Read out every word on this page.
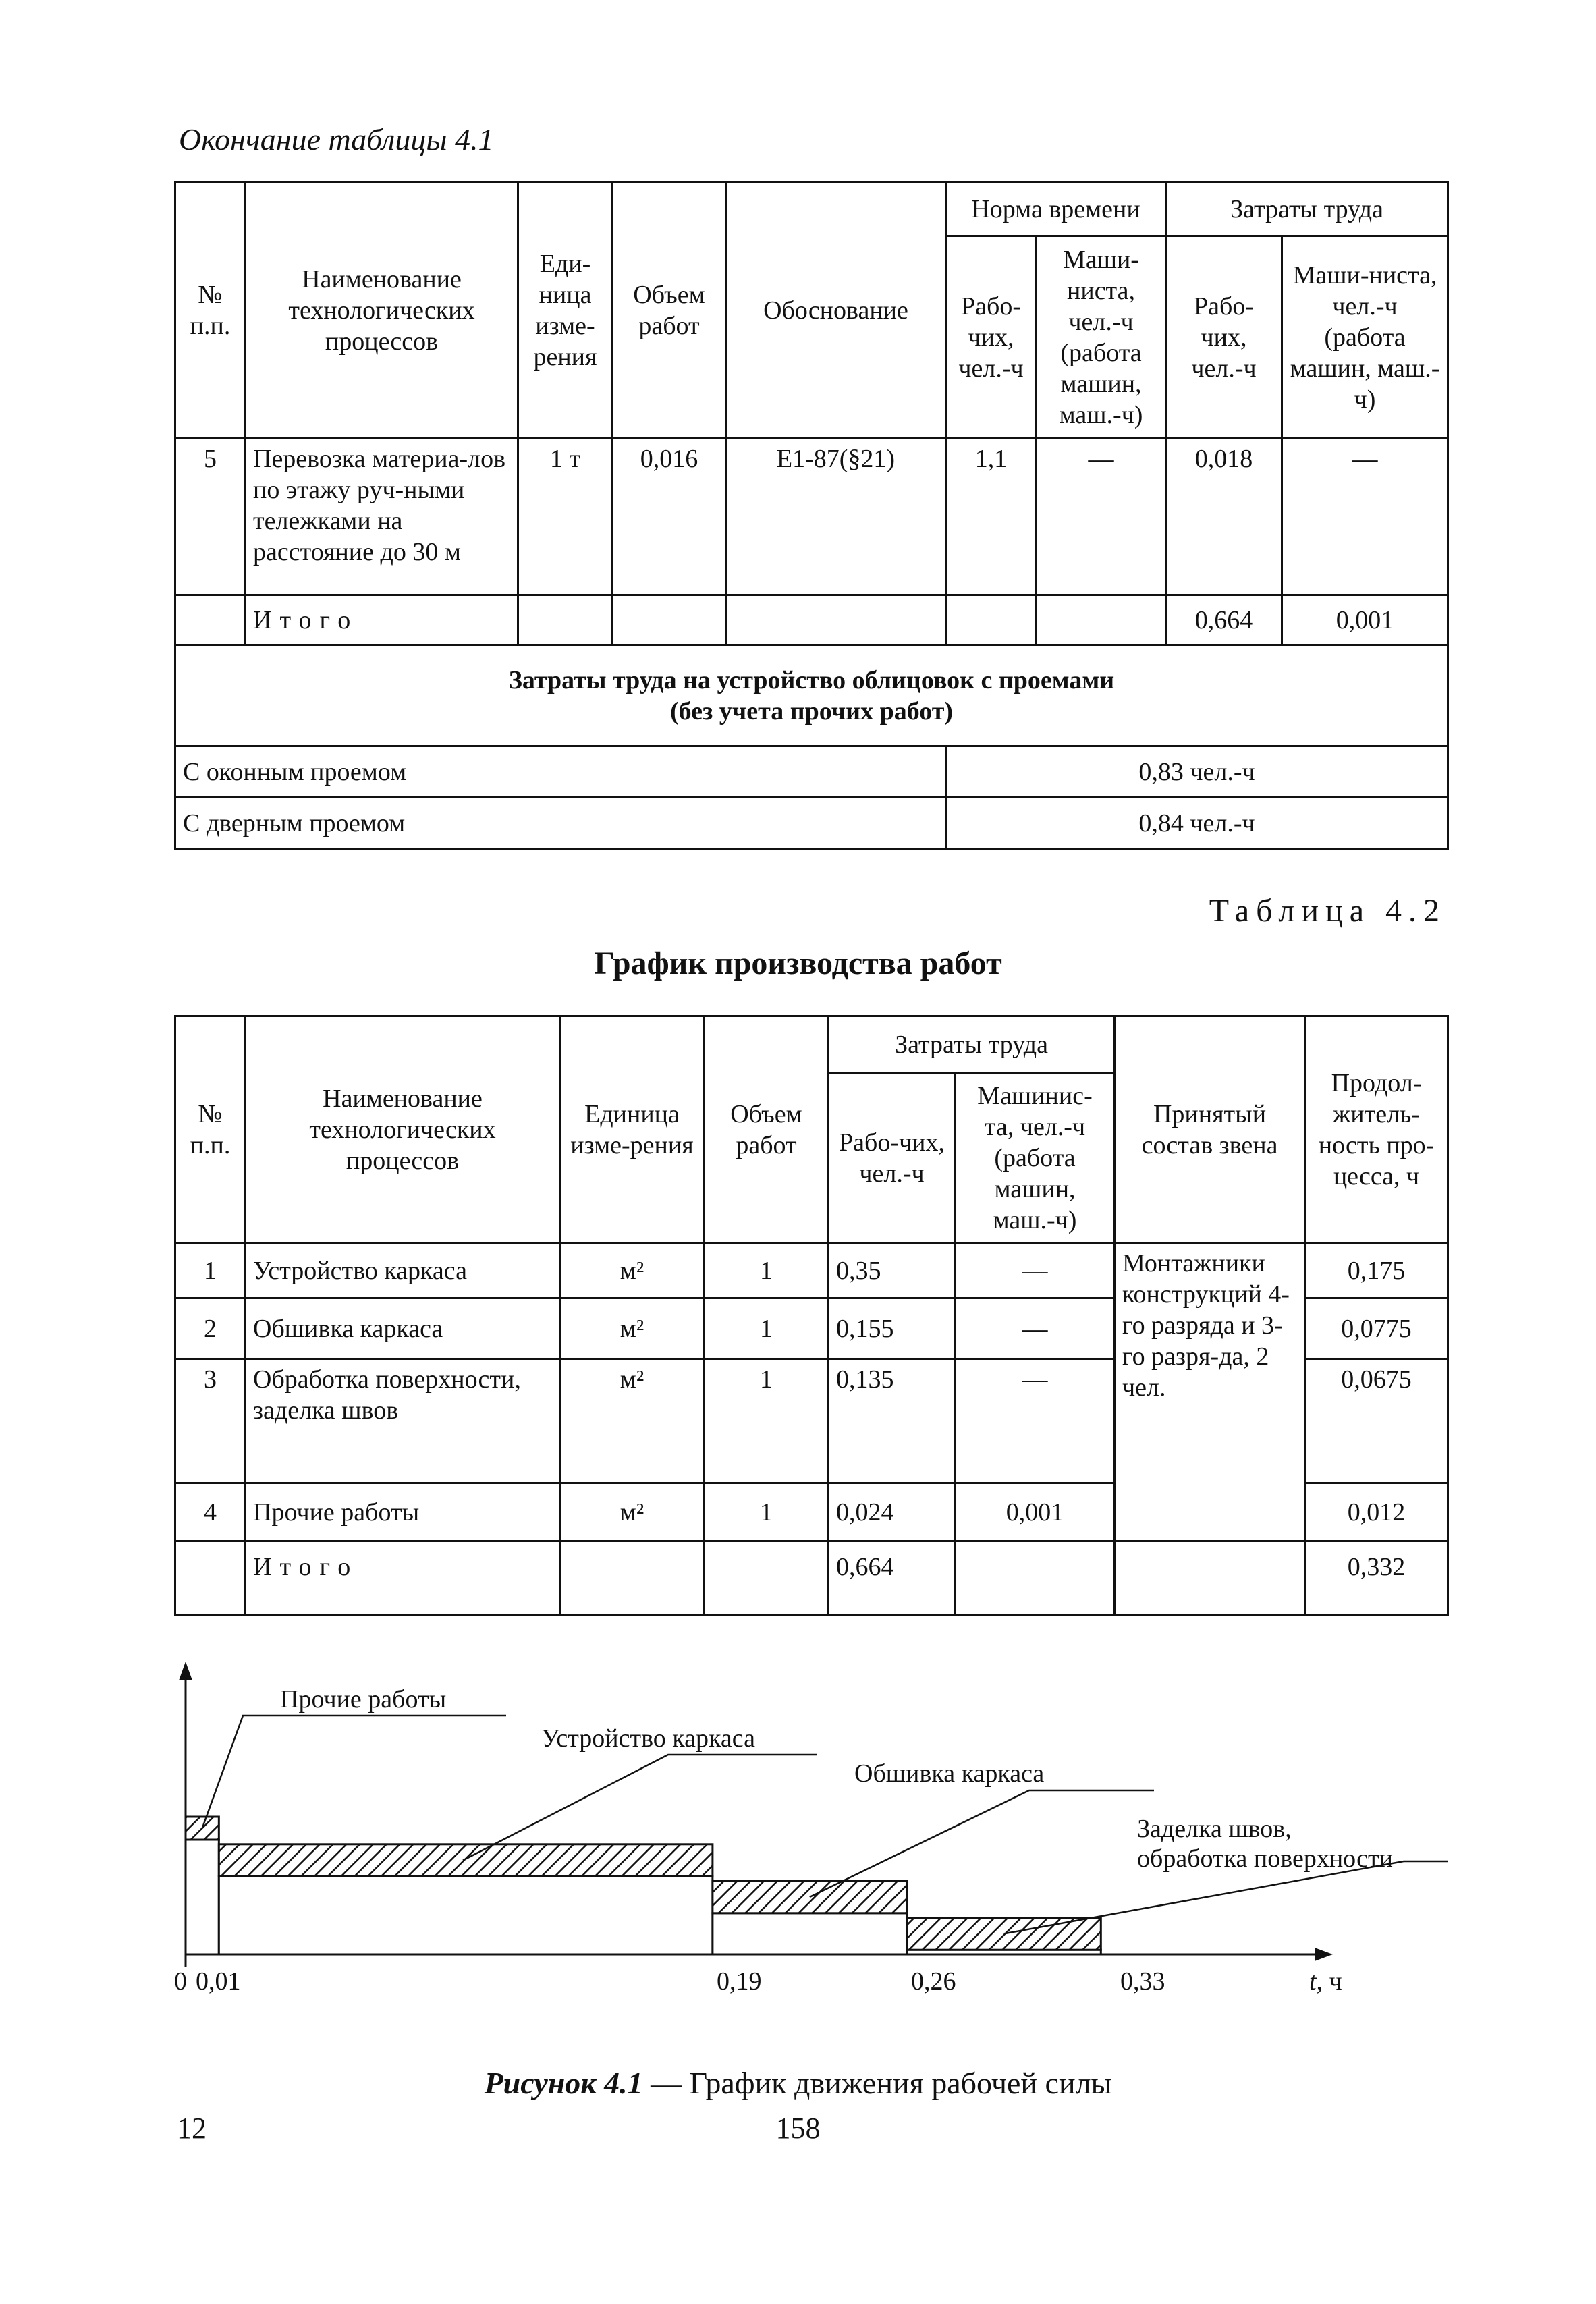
Окончание таблицы 4.1
№ п.п.	Наименование технологических процессов	Еди-ница изме-рения	Объем работ	Обоснование	Норма времени		Затраты труда	
					Рабо-чих, чел.-ч	Маши-ниста, чел.-ч (работа машин, маш.-ч)	Рабо-чих, чел.-ч	Маши-ниста, чел.-ч (работа машин, маш.-ч)
5	Перевозка материа-лов по этажу руч-ными тележками на расстояние до 30 м	1 т	0,016	Е1-87(§21)	1,1	—	0,018	—
	Итого						0,664	0,001

Затраты труда на устройство облицовок с проемами
(без учета прочих работ)								

С оконным проемом					0,83 чел.-ч			
С дверным проемом					0,84 чел.-ч			
Таблица 4.2
График производства работ
№ п.п.	Наименование технологических процессов	Единица изме-рения	Объем работ	Затраты труда		Принятый состав звена	Продол-житель-ность про-цесса, ч
				Рабо-чих, чел.-ч	Машинис-та, чел.-ч (работа машин, маш.-ч)		
1	Устройство каркаса	м²	1	0,35	—	Монтажники конструкций 4-го разряда и 3-го разря-да, 2 чел.	0,175
2	Обшивка каркаса	м²	1	0,155	—		0,0775
3	Обработка поверхности, заделка швов	м²	1	0,135	—		0,0675
4	Прочие работы	м²	1	0,024	0,001		0,012
	Итого			0,664			0,332
Прочие работы
Устройство каркаса
Обшивка каркаса
Заделка швов,
обработка поверхности
0 0,01	0,19	0,26	0,33	t, ч
Рисунок 4.1 — График движения рабочей силы
12	158
